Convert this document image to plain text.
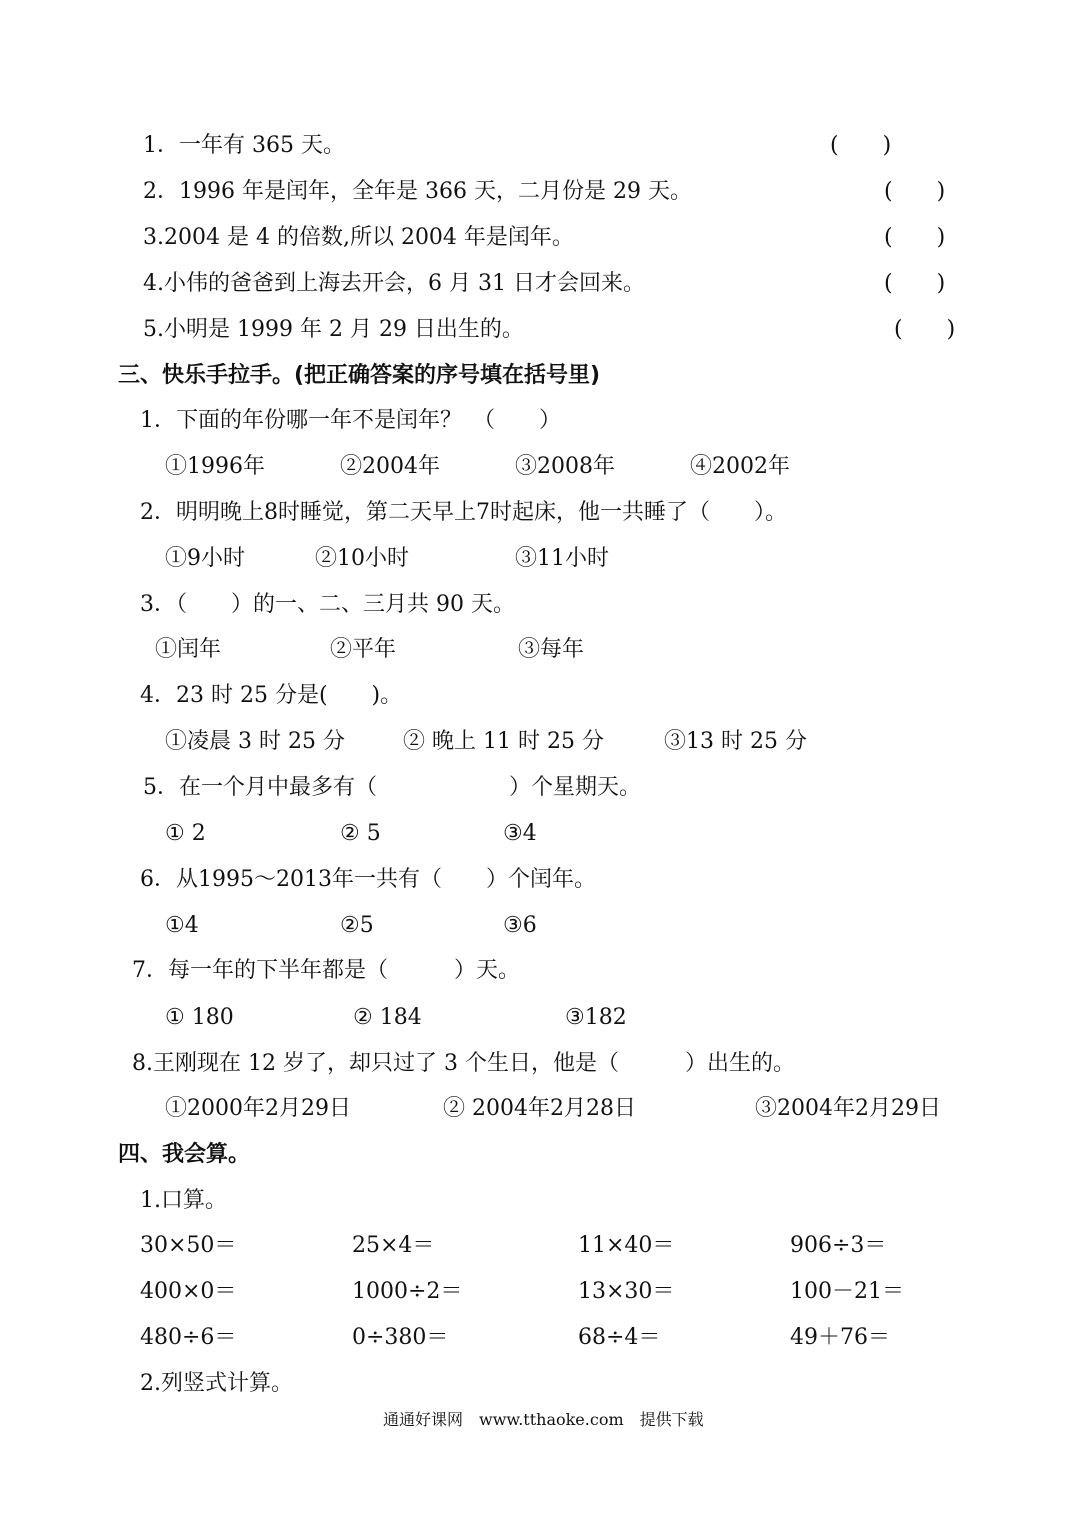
1．一年有 365 天。	(　　)
2．1996 年是闰年，全年是 366 天，二月份是 29 天。	(　　)
3.2004 是 4 的倍数,所以 2004 年是闰年。	(　　)
4.小伟的爸爸到上海去开会，6 月 31 日才会回来。	(　　)
5.小明是 1999 年 2 月 29 日出生的。	(　　)
三、快乐手拉手。(把正确答案的序号填在括号里)
1．下面的年份哪一年不是闰年？　（　　）
①1996年	②2004年	③2008年	④2002年
2．明明晚上8时睡觉，第二天早上7时起床，他一共睡了（　　）。
①9小时	②10小时	③11小时
3．（　　）的一、二、三月共 90 天。
①闰年	②平年	③每年
4．23 时 25 分是(　　)。
①凌晨 3 时 25 分	② 晚上 11 时 25 分	③13 时 25 分
5．在一个月中最多有（　　　　　　）个星期天。
① 2	② 5	③4
6．从1995～2013年一共有（　　）个闰年。
①4	②5	③6
7．每一年的下半年都是（　　　）天。
① 180	② 184	③182
8.王刚现在 12 岁了，却只过了 3 个生日，他是（　　　）出生的。
①2000年2月29日	② 2004年2月28日	③2004年2月29日
四、我会算。
1.口算。
30×50＝	25×4＝	11×40＝	906÷3＝
400×0＝	1000÷2＝	13×30＝	100－21＝
480÷6＝	0÷380＝	68÷4＝	49＋76＝
2.列竖式计算。
通通好课网　www.tthaoke.com　提供下载
